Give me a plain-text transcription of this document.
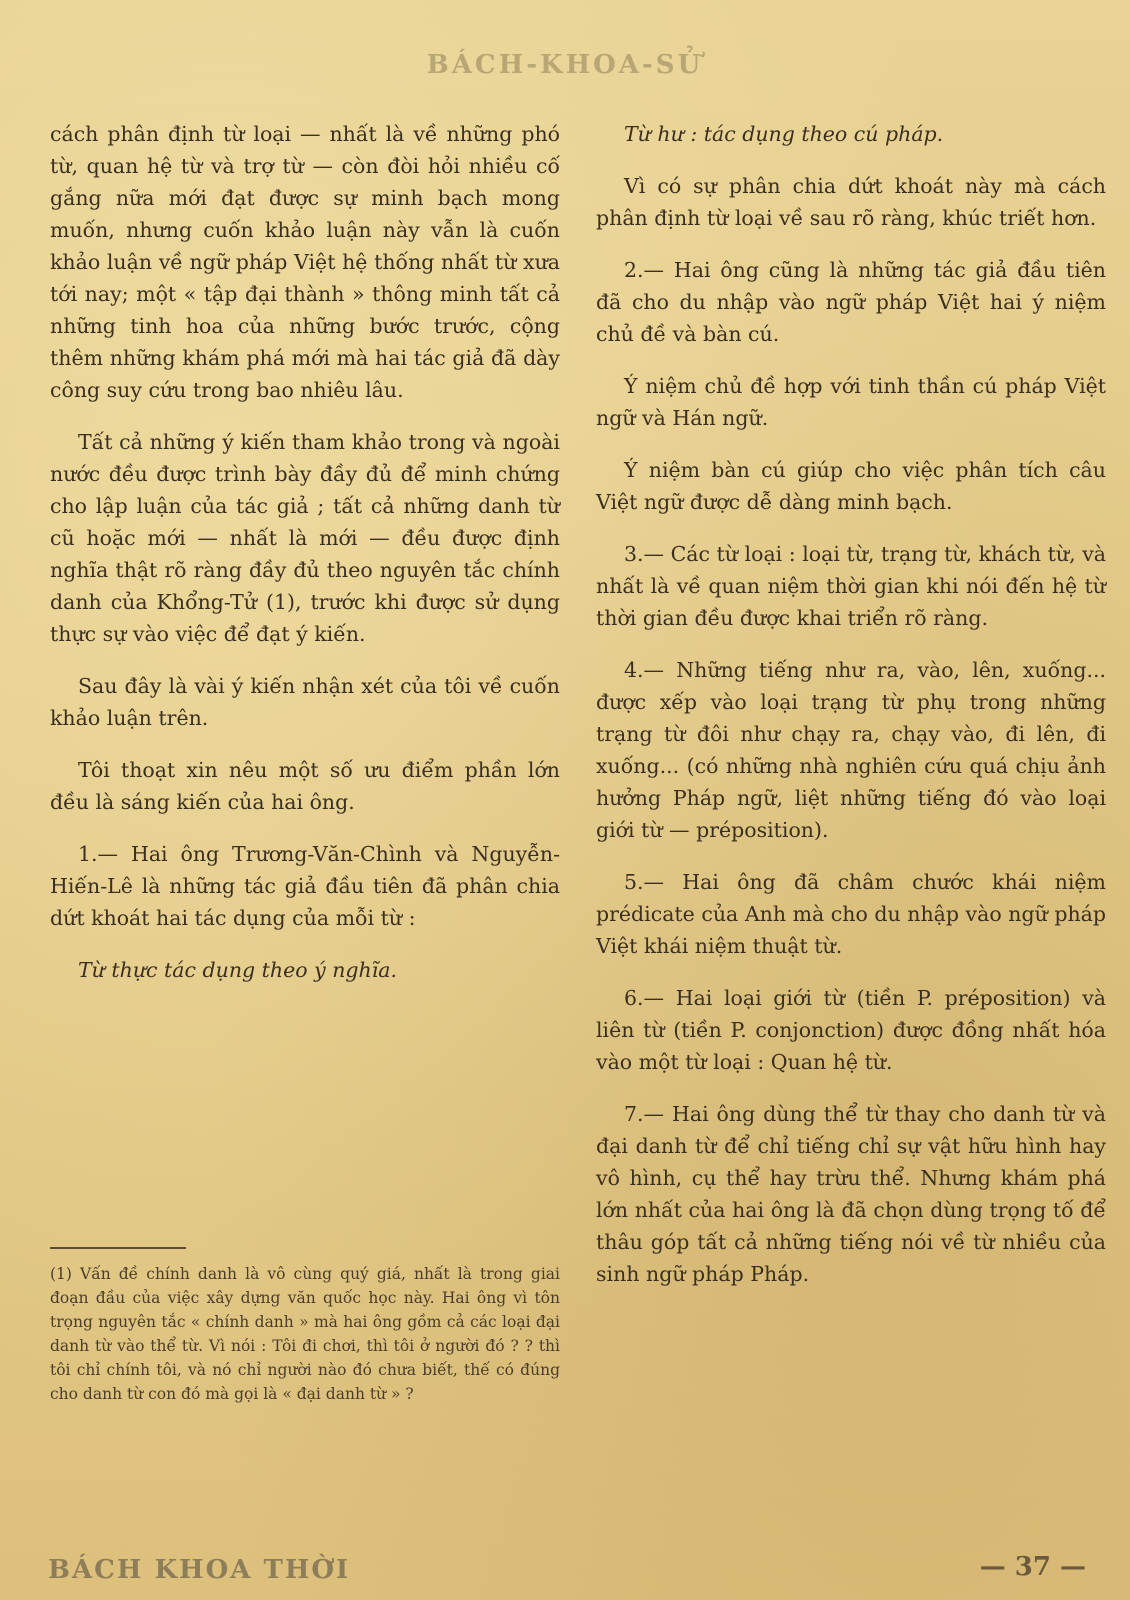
BÁCH-KHOA-SỬ

cách phân định từ loại — nhất là về những phó từ, quan hệ từ và trợ từ — còn đòi hỏi nhiều cố gắng nữa mới đạt được sự minh bạch mong muốn, nhưng cuốn khảo luận này vẫn là cuốn khảo luận về ngữ pháp Việt hệ thống nhất từ xưa tới nay; một « tập đại thành » thông minh tất cả những tinh hoa của những bước trước, cộng thêm những khám phá mới mà hai tác giả đã dày công suy cứu trong bao nhiêu lâu.

Tất cả những ý kiến tham khảo trong và ngoài nước đều được trình bày đầy đủ để minh chứng cho lập luận của tác giả ; tất cả những danh từ cũ hoặc mới — nhất là mới — đều được định nghĩa thật rõ ràng đầy đủ theo nguyên tắc chính danh của Khổng-Tử (1), trước khi được sử dụng thực sự vào việc để đạt ý kiến.

Sau đây là vài ý kiến nhận xét của tôi về cuốn khảo luận trên.

Tôi thoạt xin nêu một số ưu điểm phần lớn đều là sáng kiến của hai ông.

1.— Hai ông Trương-Văn-Chình và Nguyễn-Hiến-Lê là những tác giả đầu tiên đã phân chia dứt khoát hai tác dụng của mỗi từ :

Từ thực tác dụng theo ý nghĩa.

Từ hư : tác dụng theo cú pháp.

Vì có sự phân chia dứt khoát này mà cách phân định từ loại về sau rõ ràng, khúc triết hơn.

2.— Hai ông cũng là những tác giả đầu tiên đã cho du nhập vào ngữ pháp Việt hai ý niệm chủ đề và bàn cú.

Ý niệm chủ đề hợp với tinh thần cú pháp Việt ngữ và Hán ngữ.

Ý niệm bàn cú giúp cho việc phân tích câu Việt ngữ được dễ dàng minh bạch.

3.— Các từ loại : loại từ, trạng từ, khách từ, và nhất là về quan niệm thời gian khi nói đến hệ từ thời gian đều được khai triển rõ ràng.

4.— Những tiếng như ra, vào, lên, xuống... được xếp vào loại trạng từ phụ trong những trạng từ đôi như chạy ra, chạy vào, đi lên, đi xuống... (có những nhà nghiên cứu quá chịu ảnh hưởng Pháp ngữ, liệt những tiếng đó vào loại giới từ — préposition).

5.— Hai ông đã châm chước khái niệm prédicate của Anh mà cho du nhập vào ngữ pháp Việt khái niệm thuật từ.

6.— Hai loại giới từ (tiền P. préposition) và liên từ (tiền P. conjonction) được đồng nhất hóa vào một từ loại : Quan hệ từ.

7.— Hai ông dùng thể từ thay cho danh từ và đại danh từ để chỉ tiếng chỉ sự vật hữu hình hay vô hình, cụ thể hay trừu thể. Nhưng khám phá lớn nhất của hai ông là đã chọn dùng trọng tố để thâu góp tất cả những tiếng nói về từ nhiều của sinh ngữ pháp Pháp.

(1) Vấn đề chính danh là vô cùng quý giá, nhất là trong giai đoạn đầu của việc xây dựng văn quốc học này. Hai ông vì tôn trọng nguyên tắc « chính danh » mà hai ông gồm cả các loại đại danh từ vào thể từ. Vì nói : Tôi đi chơi, thì tôi ở người đó ? ? thì tôi chỉ chính tôi, và nó chỉ người nào đó chưa biết, thế có đúng cho danh từ con đó mà gọi là « đại danh từ » ?
BÁCH KHOA THỜI	— 37 —
